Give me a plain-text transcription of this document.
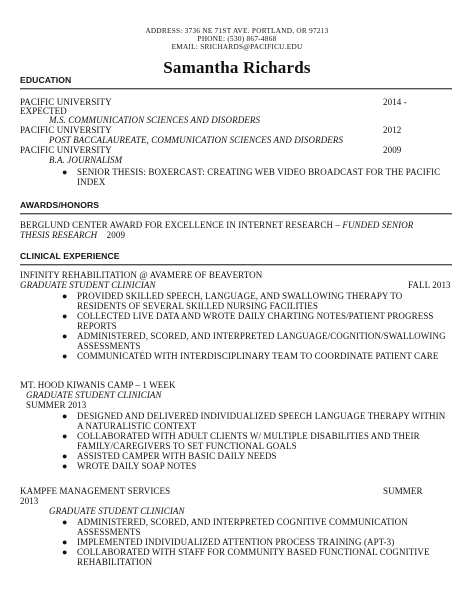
ADDRESS: 3736 NE 71ST AVE. PORTLAND, OR 97213
PHONE: (530) 867-4868
EMAIL: SRICHARDS@PACIFICU.EDU
Samantha Richards
EDUCATION
PACIFIC UNIVERSITY	2014 -
EXPECTED
M.S. COMMUNICATION SCIENCES AND DISORDERS
PACIFIC UNIVERSITY	2012
POST BACCALAUREATE, COMMUNICATION SCIENCES AND DISORDERS
PACIFIC UNIVERSITY	2009
B.A. JOURNALISM
● SENIOR THESIS: BOXERCAST: CREATING WEB VIDEO BROADCAST FOR THE PACIFIC INDEX
AWARDS/HONORS
BERGLUND CENTER AWARD FOR EXCELLENCE IN INTERNET RESEARCH – FUNDED SENIOR
THESIS RESEARCH 2009
CLINICAL EXPERIENCE
INFINITY REHABILITATION @ AVAMERE OF BEAVERTON
GRADUATE STUDENT CLINICIAN	FALL 2013
● PROVIDED SKILLED SPEECH, LANGUAGE, AND SWALLOWING THERAPY TO RESIDENTS OF SEVERAL SKILLED NURSING FACILITIES
● COLLECTED LIVE DATA AND WROTE DAILY CHARTING NOTES/PATIENT PROGRESS REPORTS
● ADMINISTERED, SCORED, AND INTERPRETED LANGUAGE/COGNITION/SWALLOWING ASSESSMENTS
● COMMUNICATED WITH INTERDISCIPLINARY TEAM TO COORDINATE PATIENT CARE
MT. HOOD KIWANIS CAMP – 1 WEEK
GRADUATE STUDENT CLINICIAN
SUMMER 2013
● DESIGNED AND DELIVERED INDIVIDUALIZED SPEECH LANGUAGE THERAPY WITHIN A NATURALISTIC CONTEXT
● COLLABORATED WITH ADULT CLIENTS W/ MULTIPLE DISABILITIES AND THEIR FAMILY/CAREGIVERS TO SET FUNCTIONAL GOALS
● ASSISTED CAMPER WITH BASIC DAILY NEEDS
● WROTE DAILY SOAP NOTES
KAMPFE MANAGEMENT SERVICES	SUMMER
2013
GRADUATE STUDENT CLINICIAN
● ADMINISTERED, SCORED, AND INTERPRETED COGNITIVE COMMUNICATION ASSESSMENTS
● IMPLEMENTED INDIVIDUALIZED ATTENTION PROCESS TRAINING (APT-3)
● COLLABORATED WITH STAFF FOR COMMUNITY BASED FUNCTIONAL COGNITIVE REHABILITATION
